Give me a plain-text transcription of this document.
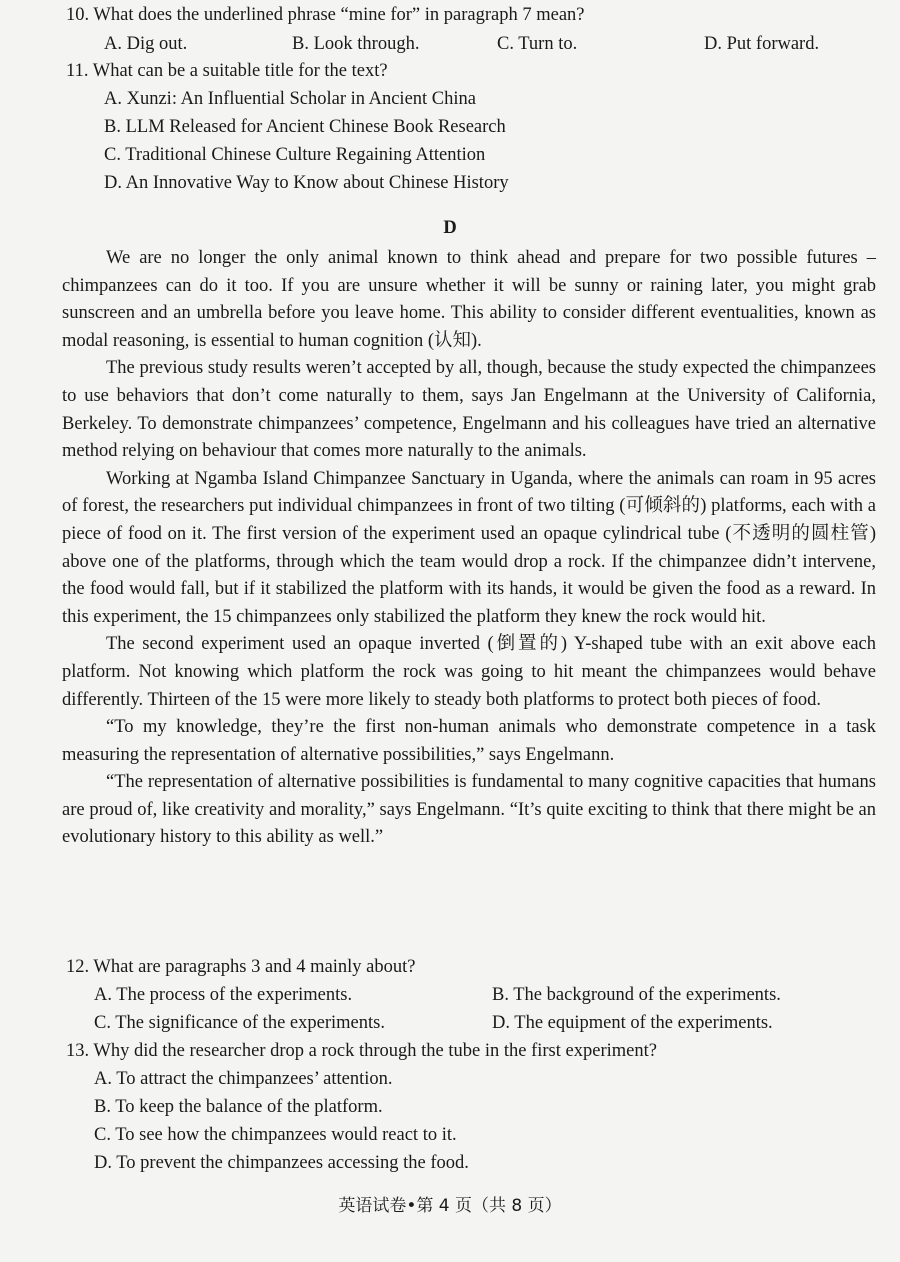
10. What does the underlined phrase “mine for” in paragraph 7 mean?
A. Dig out.	B. Look through.	C. Turn to.	D. Put forward.
11. What can be a suitable title for the text?
A. Xunzi: An Influential Scholar in Ancient China
B. LLM Released for Ancient Chinese Book Research
C. Traditional Chinese Culture Regaining Attention
D. An Innovative Way to Know about Chinese History
D

We are no longer the only animal known to think ahead and prepare for two possible futures – chimpanzees can do it too. If you are unsure whether it will be sunny or raining later, you might grab sunscreen and an umbrella before you leave home. This ability to consider different eventualities, known as modal reasoning, is essential to human cognition (认知).

The previous study results weren’t accepted by all, though, because the study expected the chimpanzees to use behaviors that don’t come naturally to them, says Jan Engelmann at the University of California, Berkeley. To demonstrate chimpanzees’ competence, Engelmann and his colleagues have tried an alternative method relying on behaviour that comes more naturally to the animals.

Working at Ngamba Island Chimpanzee Sanctuary in Uganda, where the animals can roam in 95 acres of forest, the researchers put individual chimpanzees in front of two tilting (可倾斜的) platforms, each with a piece of food on it. The first version of the experiment used an opaque cylindrical tube (不透明的圆柱管) above one of the platforms, through which the team would drop a rock. If the chimpanzee didn’t intervene, the food would fall, but if it stabilized the platform with its hands, it would be given the food as a reward. In this experiment, the 15 chimpanzees only stabilized the platform they knew the rock would hit.

The second experiment used an opaque inverted (倒置的) Y-shaped tube with an exit above each platform. Not knowing which platform the rock was going to hit meant the chimpanzees would behave differently. Thirteen of the 15 were more likely to steady both platforms to protect both pieces of food.

“To my knowledge, they’re the first non-human animals who demonstrate competence in a task measuring the representation of alternative possibilities,” says Engelmann.

“The representation of alternative possibilities is fundamental to many cognitive capacities that humans are proud of, like creativity and morality,” says Engelmann. “It’s quite exciting to think that there might be an evolutionary history to this ability as well.”

12. What are paragraphs 3 and 4 mainly about?
A. The process of the experiments.	B. The background of the experiments.
C. The significance of the experiments.	D. The equipment of the experiments.
13. Why did the researcher drop a rock through the tube in the first experiment?
A. To attract the chimpanzees’ attention.
B. To keep the balance of the platform.
C. To see how the chimpanzees would react to it.
D. To prevent the chimpanzees accessing the food.
英语试卷•第 4 页（共 8 页）
